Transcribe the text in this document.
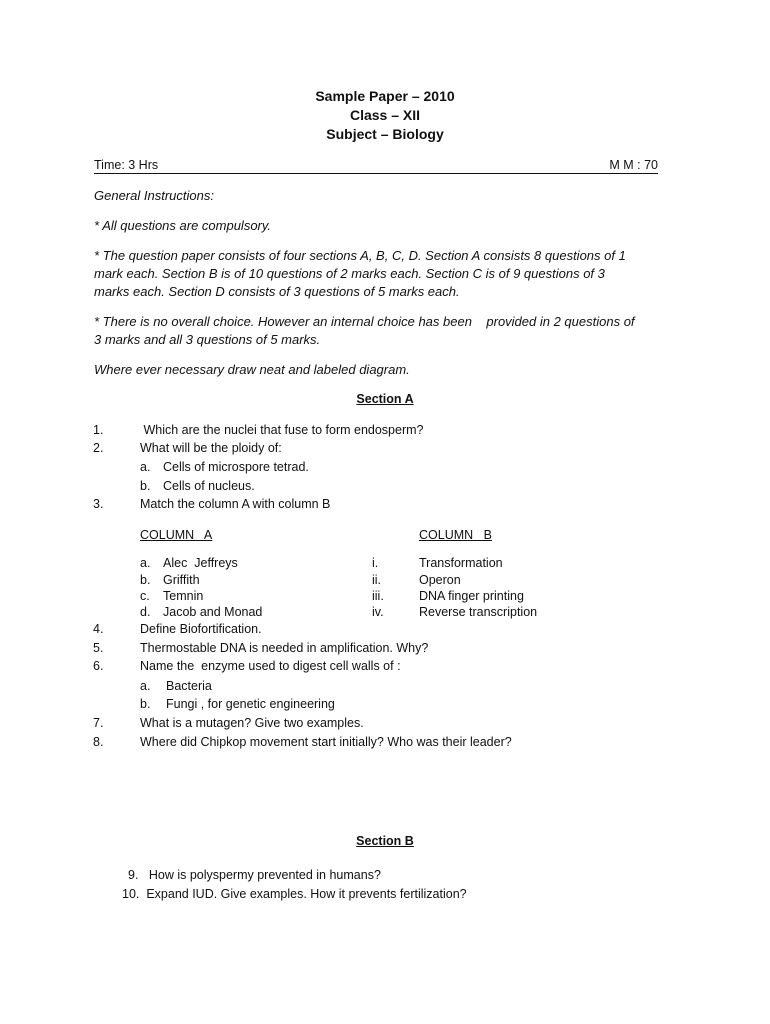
Sample Paper – 2010
Class – XII
Subject – Biology
Time: 3 Hrs	M M : 70
General Instructions:
* All questions are compulsory.
* The question paper consists of four sections A, B, C, D. Section A consists 8 questions of 1
mark each. Section B is of 10 questions of 2 marks each. Section C is of 9 questions of 3
marks each. Section D consists of 3 questions of 5 marks each.
* There is no overall choice. However an internal choice has been    provided in 2 questions of
3 marks and all 3 questions of 5 marks.
Where ever necessary draw neat and labeled diagram.
Section A
1.	Which are the nuclei that fuse to form endosperm?
2.	What will be the ploidy of:
a. Cells of microspore tetrad.
b. Cells of nucleus.
3.	Match the column A with column B
COLUMN   A	COLUMN   B
a. Alec  Jeffreys	i.	Transformation
b. Griffith	ii.	Operon
c. Temnin	iii.	DNA finger printing
d. Jacob and Monad	iv.	Reverse transcription
4.	Define Biofortification.
5.	Thermostable DNA is needed in amplification. Why?
6.	Name the  enzyme used to digest cell walls of :
a. Bacteria
b. Fungi , for genetic engineering
7.	What is a mutagen? Give two examples.
8.	Where did Chipkop movement start initially? Who was their leader?
Section B
9.   How is polyspermy prevented in humans?
10.  Expand IUD. Give examples. How it prevents fertilization?
